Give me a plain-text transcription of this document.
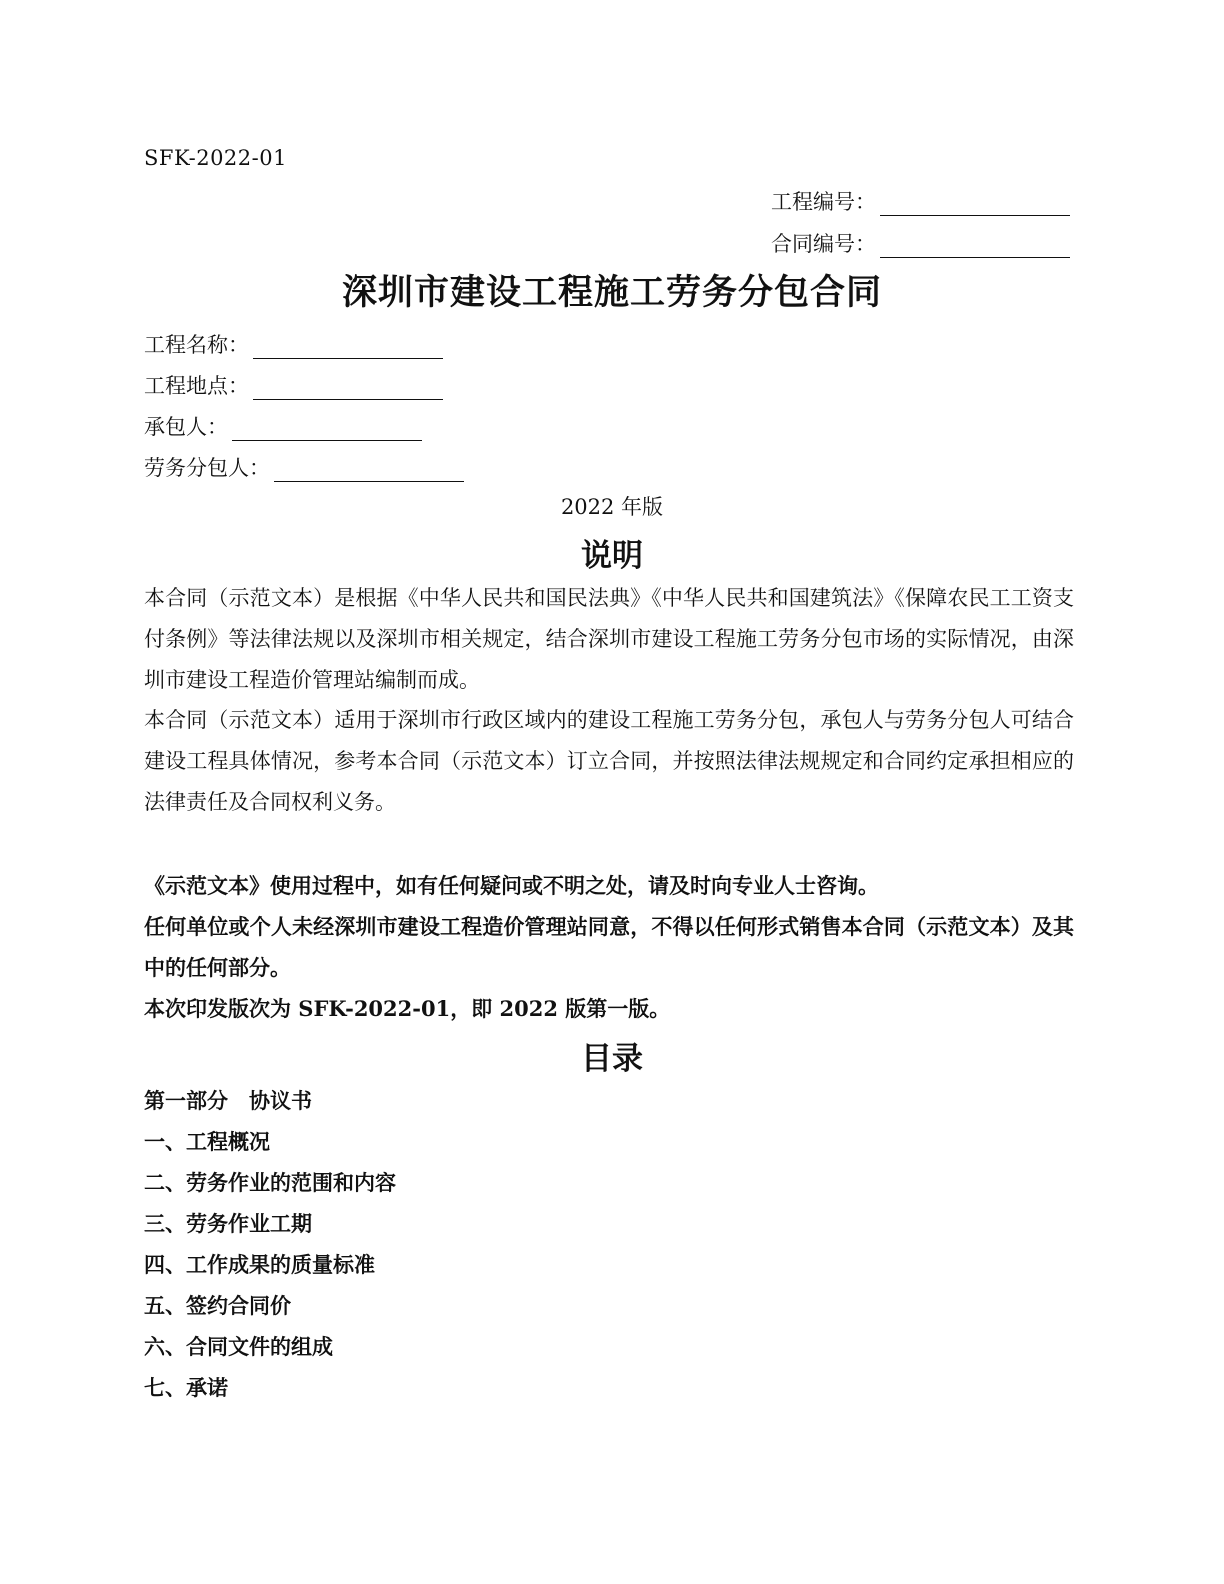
SFK-2022-01
工程编号：
合同编号：
深圳市建设工程施工劳务分包合同
工程名称：
工程地点：
承包人：
劳务分包人：
2022 年版
说明

本合同（示范文本）是根据《中华人民共和国民法典》《中华人民共和国建筑法》《保障农民工工资支付条例》等法律法规以及深圳市相关规定，结合深圳市建设工程施工劳务分包市场的实际情况，由深圳市建设工程造价管理站编制而成。

本合同（示范文本）适用于深圳市行政区域内的建设工程施工劳务分包，承包人与劳务分包人可结合建设工程具体情况，参考本合同（示范文本）订立合同，并按照法律法规规定和合同约定承担相应的法律责任及合同权利义务。

《示范文本》使用过程中，如有任何疑问或不明之处，请及时向专业人士咨询。

任何单位或个人未经深圳市建设工程造价管理站同意，不得以任何形式销售本合同（示范文本）及其中的任何部分。

本次印发版次为 SFK-2022-01，即 2022 版第一版。

目录
第一部分　协议书
一、工程概况
二、劳务作业的范围和内容
三、劳务作业工期
四、工作成果的质量标准
五、签约合同价
六、合同文件的组成
七、承诺
